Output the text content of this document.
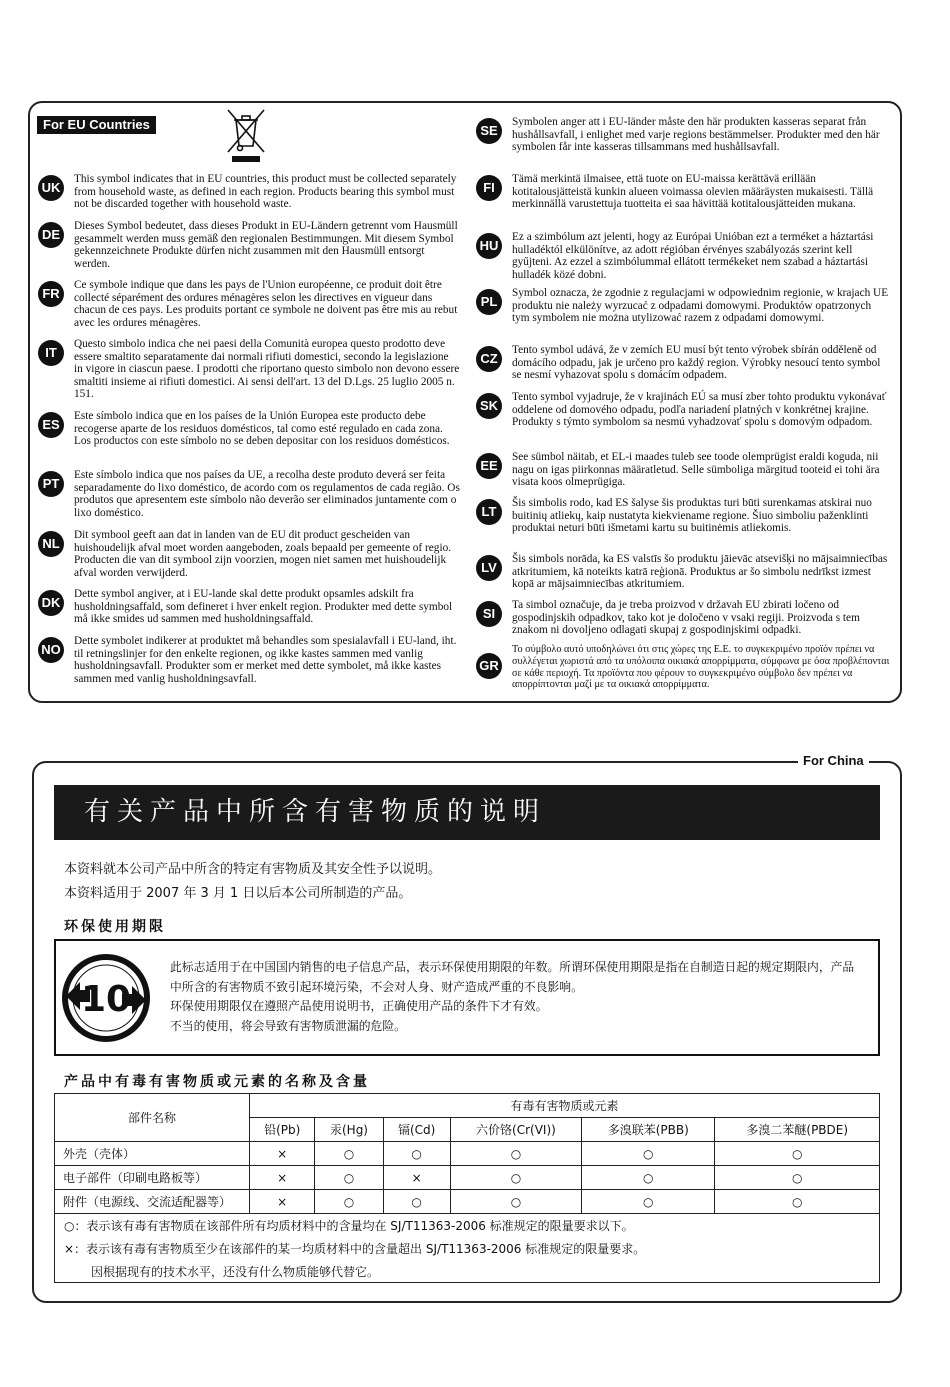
For EU Countries
UK
This symbol indicates that in EU countries, this product must be collected separately from household waste, as defined in each region. Products bearing this symbol must not be discarded together with household waste.
DE
Dieses Symbol bedeutet, dass dieses Produkt in EU-Ländern getrennt vom Hausmüll gesammelt werden muss gemäß den regionalen Bestimmungen. Mit diesem Symbol gekennzeichnete Produkte dürfen nicht zusammen mit den Hausmüll entsorgt werden.
FR
Ce symbole indique que dans les pays de l'Union européenne, ce produit doit être collecté séparément des ordures ménagères selon les directives en vigueur dans chacun de ces pays. Les produits portant ce symbole ne doivent pas être mis au rebut avec les ordures ménagères.
IT
Questo simbolo indica che nei paesi della Comunità europea questo prodotto deve essere smaltito separatamente dai normali rifiuti domestici, secondo la legislazione in vigore in ciascun paese. I prodotti che riportano questo simbolo non devono essere smaltiti insieme ai rifiuti domestici. Ai sensi dell'art. 13 del D.Lgs. 25 luglio 2005 n. 151.
ES
Este símbolo indica que en los países de la Unión Europea este producto debe recogerse aparte de los residuos domésticos, tal como esté regulado en cada zona. Los productos con este símbolo no se deben depositar con los residuos domésticos.
PT
Este símbolo indica que nos países da UE, a recolha deste produto deverá ser feita separadamente do lixo doméstico, de acordo com os regulamentos de cada região. Os produtos que apresentem este símbolo não deverão ser eliminados juntamente com o lixo doméstico.
NL
Dit symbool geeft aan dat in landen van de EU dit product gescheiden van huishoudelijk afval moet worden aangeboden, zoals bepaald per gemeente of regio. Producten die van dit symbool zijn voorzien, mogen niet samen met huishoudelijk afval worden verwijderd.
DK
Dette symbol angiver, at i EU-lande skal dette produkt opsamles adskilt fra husholdningsaffald, som defineret i hver enkelt region. Produkter med dette symbol må ikke smides ud sammen med husholdningsaffald.
NO
Dette symbolet indikerer at produktet må behandles som spesialavfall i EU-land, iht. til retningslinjer for den enkelte regionen, og ikke kastes sammen med vanlig husholdningsavfall. Produkter som er merket med dette symbolet, må ikke kastes sammen med vanlig husholdningsavfall.
SE
Symbolen anger att i EU-länder måste den här produkten kasseras separat från hushållsavfall, i enlighet med varje regions bestämmelser. Produkter med den här symbolen får inte kasseras tillsammans med hushållsavfall.
FI
Tämä merkintä ilmaisee, että tuote on EU-maissa kerättävä erillään kotitalousjätteistä kunkin alueen voimassa olevien määräysten mukaisesti. Tällä merkinnällä varustettuja tuotteita ei saa hävittää kotitalousjätteiden mukana.
HU
Ez a szimbólum azt jelenti, hogy az Európai Unióban ezt a terméket a háztartási hulladéktól elkülönítve, az adott régióban érvényes szabályozás szerint kell gyűjteni. Az ezzel a szimbólummal ellátott termékeket nem szabad a háztartási hulladék közé dobni.
PL
Symbol oznacza, że zgodnie z regulacjami w odpowiednim regionie, w krajach UE produktu nie należy wyrzucać z odpadami domowymi. Produktów opatrzonych tym symbolem nie można utylizować razem z odpadami domowymi.
CZ
Tento symbol udává, že v zemích EU musí být tento výrobek sbírán odděleně od domácího odpadu, jak je určeno pro každý region. Výrobky nesoucí tento symbol se nesmí vyhazovat spolu s domácím odpadem.
SK
Tento symbol vyjadruje, že v krajinách EÚ sa musí zber tohto produktu vykonávať oddelene od domového odpadu, podľa nariadení platných v konkrétnej krajine. Produkty s týmto symbolom sa nesmú vyhadzovať spolu s domovým odpadom.
EE
See sümbol näitab, et EL-i maades tuleb see toode olemprügist eraldi koguda, nii nagu on igas piirkonnas määratletud. Selle sümboliga märgitud tooteid ei tohi ära visata koos olmeprügiga.
LT
Šis simbolis rodo, kad ES šalyse šis produktas turi būti surenkamas atskirai nuo buitinių atliekų, kaip nustatyta kiekviename regione. Šiuo simboliu paženklinti produktai neturi būti išmetami kartu su buitinėmis atliekomis.
LV
Šis simbols norāda, ka ES valstīs šo produktu jāievāc atsevišķi no mājsaimniecības atkritumiem, kā noteikts katrā reģionā. Produktus ar šo simbolu nedrīkst izmest kopā ar mājsaimniecības atkritumiem.
SI
Ta simbol označuje, da je treba proizvod v državah EU zbirati ločeno od gospodinjskih odpadkov, tako kot je določeno v vsaki regiji. Proizvoda s tem znakom ni dovoljeno odlagati skupaj z gospodinjskimi odpadki.
GR
Το σύμβολο αυτό υποδηλώνει ότι στις χώρες της Ε.Ε. το συγκεκριμένο προϊόν πρέπει να συλλέγεται χωριστά από τα υπόλοιπα οικιακά απορρίμματα, σύμφωνα με όσα προβλέπονται σε κάθε περιοχή. Τα προϊόντα που φέρουν το συγκεκριμένο σύμβολο δεν πρέπει να απορρίπτονται μαζί με τα οικιακά απορρίμματα.
For China
有关产品中所含有害物质的说明
本资料就本公司产品中所含的特定有害物质及其安全性予以说明。
本资料适用于 2007 年 3 月 1 日以后本公司所制造的产品。
环保使用期限
10
此标志适用于在中国国内销售的电子信息产品，表示环保使用期限的年数。所谓环保使用期限是指在自制造日起的规定期限内，产品中所含的有害物质不致引起环境污染，不会对人身、财产造成严重的不良影响。
环保使用期限仅在遵照产品使用说明书，正确使用产品的条件下才有效。
不当的使用，将会导致有害物质泄漏的危险。
产品中有毒有害物质或元素的名称及含量
部件名称	有毒有害物质或元素					
	铅(Pb)	汞(Hg)	镉(Cd)	六价铬(Cr(VI))	多溴联苯(PBB)	多溴二苯醚(PBDE)
外壳（壳体）	×	○	○	○	○	○
电子部件（印刷电路板等）	×	○	×	○	○	○
附件（电源线、交流适配器等）	×	○	○	○	○	○
○：表示该有毒有害物质在该部件所有均质材料中的含量均在 SJ/T11363-2006 标准规定的限量要求以下。
×：表示该有毒有害物质至少在该部件的某一均质材料中的含量超出 SJ/T11363-2006 标准规定的限量要求。
因根据现有的技术水平，还没有什么物质能够代替它。
